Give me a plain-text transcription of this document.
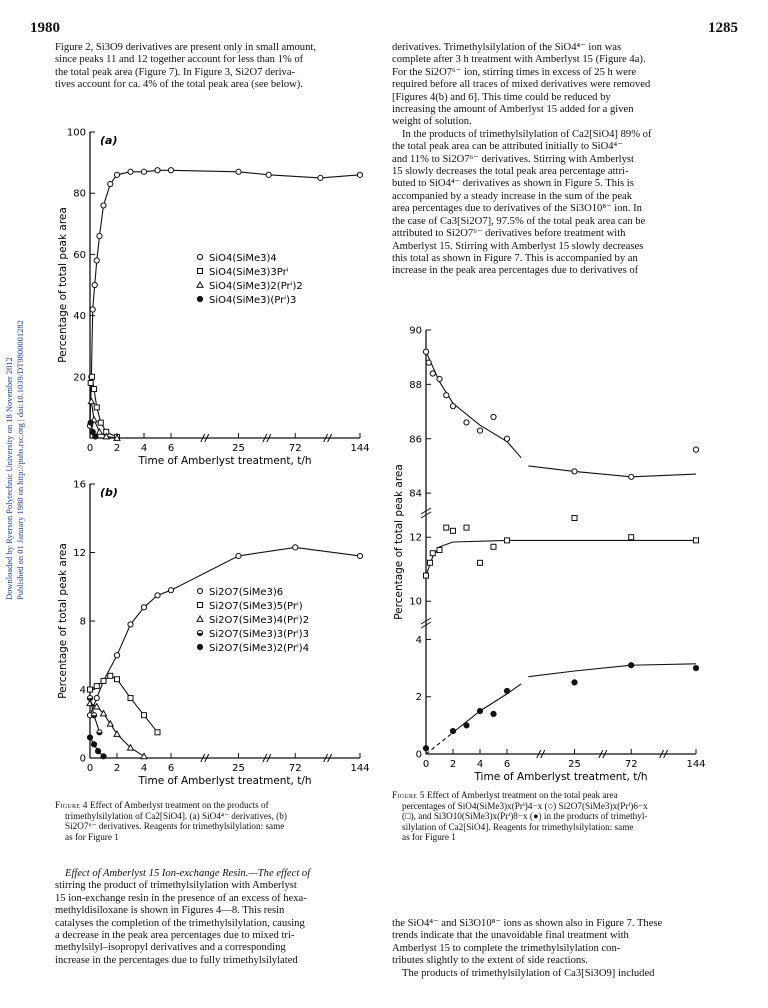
1980	1285
Downloaded by Ryerson Polytechnic University on 18 November 2012 Published on 01 January 1980 on http://pubs.rsc.org | doi:10.1039/DT9800001282

Figure 2, Si3O9 derivatives are present only in small amount,

since peaks 11 and 12 together account for less than 1% of

the total peak area (Figure 7). In Figure 3, Si2O7 deriva-

tives account for ca. 4% of the total peak area (see below).

derivatives. Trimethylsilylation of the SiO4⁴⁻ ion was

complete after 3 h treatment with Amberlyst 15 (Figure 4a).

For the Si2O7⁶⁻ ion, stirring times in excess of 25 h were

required before all traces of mixed derivatives were removed

[Figures 4(b) and 6]. This time could be reduced by

increasing the amount of Amberlyst 15 added for a given

weight of solution.

In the products of trimethylsilylation of Ca2[SiO4] 89% of

the total peak area can be attributed initially to SiO4⁴⁻

and 11% to Si2O7⁶⁻ derivatives. Stirring with Amberlyst

15 slowly decreases the total peak area percentage attri-

buted to SiO4⁴⁻ derivatives as shown in Figure 5. This is

accompanied by a steady increase in the sum of the peak

area percentages due to derivatives of the Si3O10⁸⁻ ion. In

the case of Ca3[Si2O7], 97.5% of the total peak area can be

attributed to Si2O7⁶⁻ derivatives before treatment with

Amberlyst 15. Stirring with Amberlyst 15 slowly decreases

this total as shown in Figure 7. This is accompanied by an

increase in the peak area percentages due to derivatives of

0 2 4 6	25	72	144
20
40
60
80
100
Time of Amberlyst treatment, t/h
Percentage of total peak area
(a)
SiO4(SiMe3)4
SiO4(SiMe3)3Prⁱ
SiO4(SiMe3)2(Prⁱ)2
SiO4(SiMe3)(Prⁱ)3
0 2 4 6	25	72	144
0
4
8
12
16
Time of Amberlyst treatment, t/h
Percentage of total peak area
(b)
Si2O7(SiMe3)6
Si2O7(SiMe3)5(Prⁱ)
Si2O7(SiMe3)4(Prⁱ)2
Si2O7(SiMe3)3(Prⁱ)3
Si2O7(SiMe3)2(Prⁱ)4
0 2 4 6	25	72	144
2
4
10
12
84
86
88
90
0
Time of Amberlyst treatment, t/h
Percentage of total peak area
Figure 4 Effect of Amberlyst treatment on the products of
trimethylsilylation of Ca2[SiO4]. (a) SiO4⁴⁻ derivatives, (b)
Si2O7⁶⁻ derivatives. Reagents for trimethylsilylation: same
as for Figure 1
Figure 5 Effect of Amberlyst treatment on the total peak area
percentages of SiO4(SiMe3)x(Prⁱ)4−x (○) Si2O7(SiMe3)x(Prⁱ)6−x
(□), and Si3O10(SiMe3)x(Prⁱ)8−x (●) in the products of trimethyl-
silylation of Ca2[SiO4]. Reagents for trimethylsilylation: same
as for Figure 1

Effect of Amberlyst 15 Ion-exchange Resin.—The effect of

stirring the product of trimethylsilylation with Amberlyst

15 ion-exchange resin in the presence of an excess of hexa-

methyldisiloxane is shown in Figures 4—8. This resin

catalyses the completion of the trimethylsilylation, causing

a decrease in the peak area percentages due to mixed tri-

methylsilyl–isopropyl derivatives and a corresponding

increase in the percentages due to fully trimethylsilylated

the SiO4⁴⁻ and Si3O10⁸⁻ ions as shown also in Figure 7. These

trends indicate that the unavoidable final treatment with

Amberlyst 15 to complete the trimethylsilylation con-

tributes slightly to the extent of side reactions.

The products of trimethylsilylation of Ca3[Si3O9] included
